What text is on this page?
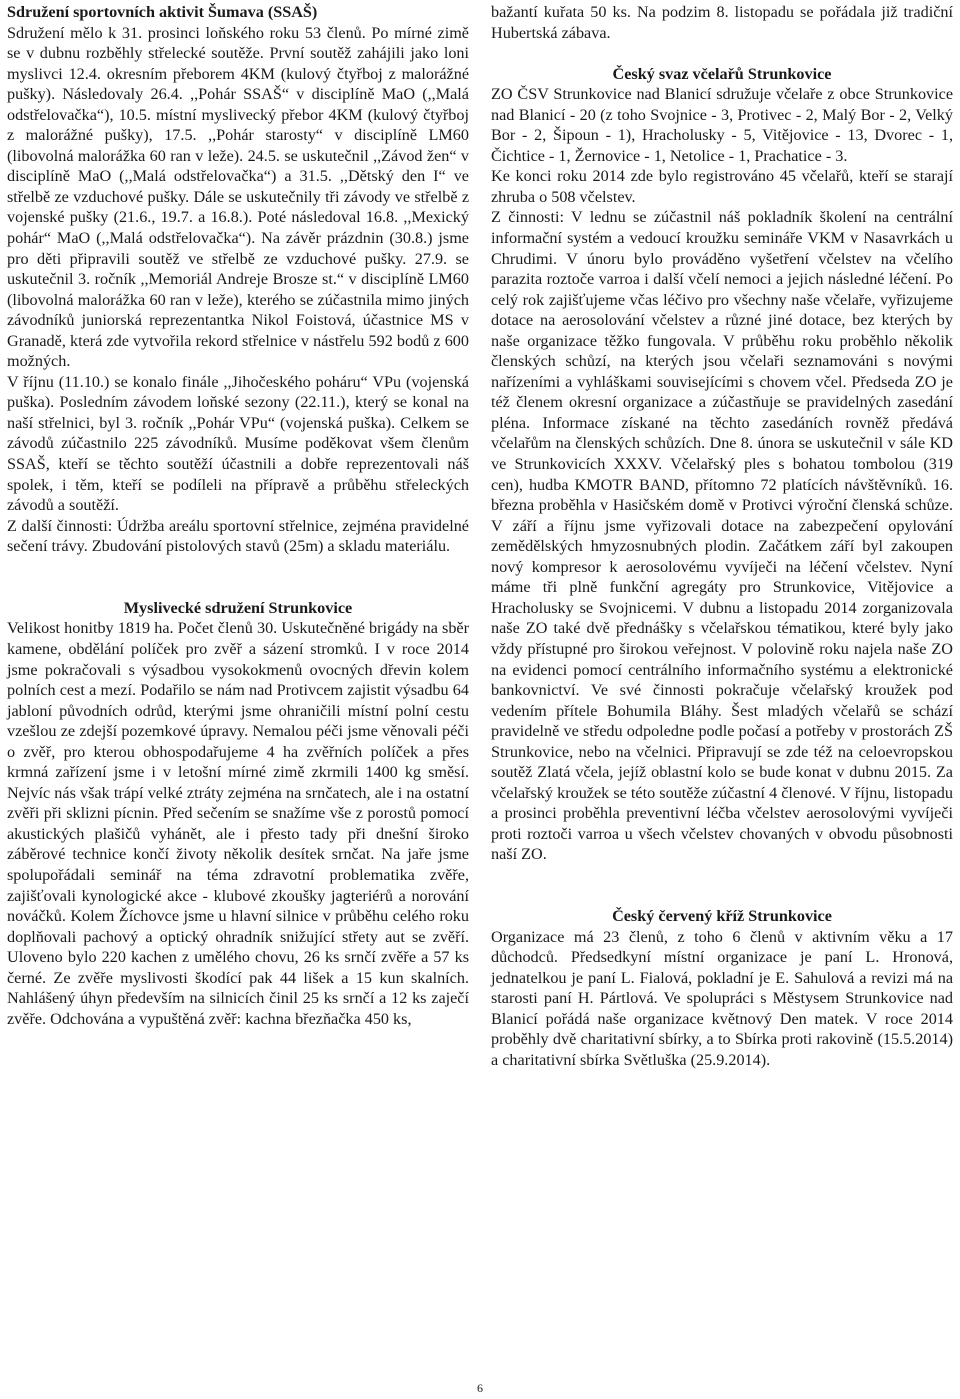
Sdružení sportovních aktivit Šumava (SSAŠ)

Sdružení mělo k 31. prosinci loňského roku 53 členů. Po mírné zimě se v dubnu rozběhly střelecké soutěže. První soutěž zahájili jako loni myslivci 12.4. okresním přeborem 4KM (kulový čtyřboj z malorážné pušky). Následovaly 26.4. ,,Pohár SSAŠ“ v disciplíně MaO (,,Malá odstřelovačka“), 10.5. místní myslivecký přebor 4KM (kulový čtyřboj z malorážné pušky), 17.5. ,,Pohár starosty“ v disciplíně LM60 (libovolná malorážka 60 ran v leže). 24.5. se uskutečnil ,,Závod žen“ v disciplíně MaO (,,Malá odstřelovačka“) a 31.5. ,,Dětský den I“ ve střelbě ze vzduchové pušky. Dále se uskutečnily tři závody ve střelbě z vojenské pušky (21.6., 19.7. a 16.8.). Poté následoval 16.8. ,,Mexický pohár“ MaO (,,Malá odstřelovačka“). Na závěr prázdnin (30.8.) jsme pro děti připravili soutěž ve střelbě ze vzduchové pušky. 27.9. se uskutečnil 3. ročník ,,Memoriál Andreje Brosze st.“ v disciplíně LM60 (libovolná malorážka 60 ran v leže), kterého se zúčastnila mimo jiných závodníků juniorská reprezentantka Nikol Foistová, účastnice MS v Granadě, která zde vytvořila rekord střelnice v nástřelu 592 bodů z 600 možných.

V říjnu (11.10.) se konalo finále ,,Jihočeského poháru“ VPu (vojenská puška). Posledním závodem loňské sezony (22.11.), který se konal na naší střelnici, byl 3. ročník ,,Pohár VPu“ (vojenská puška). Celkem se závodů zúčastnilo 225 závodníků. Musíme poděkovat všem členům SSAŠ, kteří se těchto soutěží účastnili a dobře reprezentovali náš spolek, i těm, kteří se podíleli na přípravě a průběhu střeleckých závodů a soutěží.

Z další činnosti: Údržba areálu sportovní střelnice, zejména pravidelné sečení trávy. Zbudování pistolových stavů (25m) a skladu materiálu.

Myslivecké sdružení Strunkovice

Velikost honitby 1819 ha. Počet členů 30. Uskutečněné brigády na sběr kamene, obdělání políček pro zvěř a sázení stromků. I v roce 2014 jsme pokračovali s výsadbou vysokokmenů ovocných dřevin kolem polních cest a mezí. Podařilo se nám nad Protivcem zajistit výsadbu 64 jabloní původních odrůd, kterými jsme ohraničili místní polní cestu vzešlou ze zdejší pozemkové úpravy. Nemalou péči jsme věnovali péči o zvěř, pro kterou obhospodařujeme 4 ha zvěřních políček a přes krmná zařízení jsme i v letošní mírné zimě zkrmili 1400 kg směsí. Nejvíc nás však trápí velké ztráty zejména na srnčatech, ale i na ostatní zvěři při sklizni pícnin. Před sečením se snažíme vše z porostů pomocí akustických plašičů vyhánět, ale i přesto tady při dnešní široko záběrové technice končí životy několik desítek srnčat. Na jaře jsme spolupořádali seminář na téma zdravotní problematika zvěře, zajišťovali kynologické akce - klubové zkoušky jagteriérů a norování nováčků. Kolem Žíchovce jsme u hlavní silnice v průběhu celého roku doplňovali pachový a optický ohradník snižující střety aut se zvěří. Uloveno bylo 220 kachen z umělého chovu, 26 ks srnčí zvěře a 57 ks černé. Ze zvěře myslivosti škodící pak 44 lišek a 15 kun skalních. Nahlášený úhyn především na silnicích činil 25 ks srnčí a 12 ks zaječí zvěře. Odchována a vypuštěná zvěř: kachna březňačka 450 ks,

bažantí kuřata 50 ks. Na podzim 8. listopadu se pořádala již tradiční Hubertská zábava.

Český svaz včelařů Strunkovice

ZO ČSV Strunkovice nad Blanicí sdružuje včelaře z obce Strunkovice nad Blanicí - 20 (z toho Svojnice - 3, Protivec - 2, Malý Bor - 2, Velký Bor - 2, Šipoun - 1), Hracholusky - 5, Vitějovice - 13, Dvorec - 1, Čichtice - 1, Žernovice - 1, Netolice - 1, Prachatice - 3.

Ke konci roku 2014 zde bylo registrováno 45 včelařů, kteří se starají zhruba o 508 včelstev.

Z činnosti: V lednu se zúčastnil náš pokladník školení na centrální informační systém a vedoucí kroužku semináře VKM v Nasavrkách u Chrudimi. V únoru bylo prováděno vyšetření včelstev na včelího parazita roztoče varroa i další včelí nemoci a jejich následné léčení. Po celý rok zajišťujeme včas léčivo pro všechny naše včelaře, vyřizujeme dotace na aerosolování včelstev a různé jiné dotace, bez kterých by naše organizace těžko fungovala. V průběhu roku proběhlo několik členských schůzí, na kterých jsou včelaři seznamováni s novými nařízeními a vyhláškami souvisejícími s chovem včel. Předseda ZO je též členem okresní organizace a zúčastňuje se pravidelných zasedání pléna. Informace získané na těchto zasedáních rovněž předává včelařům na členských schůzích. Dne 8. února se uskutečnil v sále KD ve Strunkovicích XXXV. Včelařský ples s bohatou tombolou (319 cen), hudba KMOTR BAND, přítomno 72 platících návštěvníků. 16. března proběhla v Hasičském domě v Protivci výroční členská schůze. V září a říjnu jsme vyřizovali dotace na zabezpečení opylování zemědělských hmyzosnubných plodin. Začátkem září byl zakoupen nový kompresor k aerosolovému vyvíječi na léčení včelstev. Nyní máme tři plně funkční agregáty pro Strunkovice, Vitějovice a Hracholusky se Svojnicemi. V dubnu a listopadu 2014 zorganizovala naše ZO také dvě přednášky s včelařskou tématikou, které byly jako vždy přístupné pro širokou veřejnost. V polovině roku najela naše ZO na evidenci pomocí centrálního informačního systému a elektronické bankovnictví. Ve své činnosti pokračuje včelařský kroužek pod vedením přítele Bohumila Bláhy. Šest mladých včelařů se schází pravidelně ve středu odpoledne podle počasí a potřeby v prostorách ZŠ Strunkovice, nebo na včelnici. Připravují se zde též na celoevropskou soutěž Zlatá včela, jejíž oblastní kolo se bude konat v dubnu 2015. Za včelařský kroužek se této soutěže zúčastní 4 členové. V říjnu, listopadu a prosinci proběhla preventivní léčba včelstev aerosolovými vyvíječi proti roztoči varroa u všech včelstev chovaných v obvodu působnosti naší ZO.

Český červený kříž Strunkovice

Organizace má 23 členů, z toho 6 členů v aktivním věku a 17 důchodců. Předsedkyní místní organizace je paní L. Hronová, jednatelkou je paní L. Fialová, pokladní je E. Sahulová a revizi má na starosti paní H. Pártlová. Ve spolupráci s Městysem Strunkovice nad Blanicí pořádá naše organizace květnový Den matek. V roce 2014 proběhly dvě charitativní sbírky, a to Sbírka proti rakovině (15.5.2014) a charitativní sbírka Světluška (25.9.2014).

6
